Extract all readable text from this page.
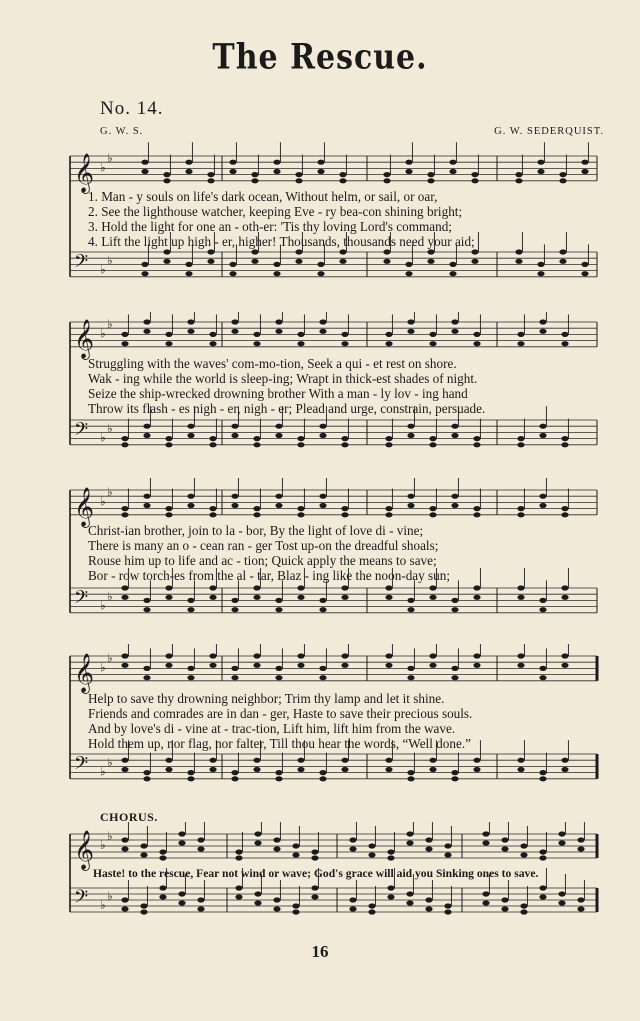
The Rescue.
No. 14.
G. W. S.	G. W. SEDERQUIST.
𝄞 ♭
♭
𝄢 ♭
♭
1. Man - y souls on life's dark ocean, Without helm, or sail, or oar,
2. See the lighthouse watcher, keeping Eve - ry bea-con shining bright;
3. Hold the light for one an - oth-er: 'Tis thy loving Lord's command;
4. Lift the light up high - er, higher! Thousands, thousands need your aid;
𝄞 ♭
♭
𝄢 ♭
♭
Struggling with the waves' com-mo-tion, Seek a qui - et rest on shore.
Wak - ing while the world is sleep-ing; Wrapt in thick-est shades of night.
Seize the ship-wrecked drowning brother With a man - ly lov - ing hand
Throw its flash - es nigh - er, nigh - er; Plead and urge, constrain, persuade.
𝄞 ♭
♭
𝄢 ♭
♭
Christ-ian brother, join to la - bor, By the light of love di - vine;
There is many an o - cean ran - ger Tost up-on the dreadful shoals;
Rouse him up to life and ac - tion; Quick apply the means to save;
Bor - row torch-es from the al - tar, Blaz - ing like the noon-day sun;
𝄞 ♭
♭
𝄢 ♭
♭
Help to save thy drowning neighbor; Trim thy lamp and let it shine.
Friends and comrades are in dan - ger, Haste to save their precious souls.
And by love's di - vine at - trac-tion, Lift him, lift him from the wave.
Hold them up, nor flag, nor falter, Till thou hear the words, “Well done.”
CHORUS.
𝄞 ♭
♭
𝄢 ♭
♭
Haste! to the rescue, Fear not wind or wave; God's grace will aid you Sinking ones to save.
16
